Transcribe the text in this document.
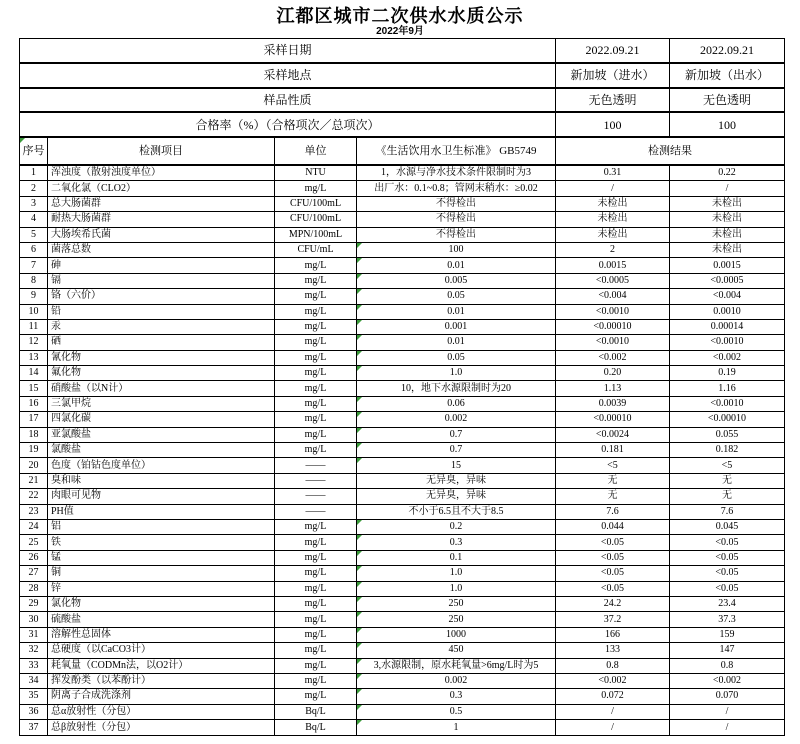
江都区城市二次供水水质公示
2022年9月
采样日期	2022.09.21	2022.09.21
采样地点	新加坡（进水）	新加坡（出水）
样品性质	无色透明	无色透明
合格率（%）（合格项次／总项次）	100	100
序号	检测项目	单位	《生活饮用水卫生标准》 GB5749	检测结果
1	浑浊度（散射浊度单位）	NTU	1，水源与净水技术条件限制时为3	0.31	0.22
2	二氧化氯（CLO2）	mg/L	出厂水：0.1~0.8；管网末稍水：≥0.02	/	/
3	总大肠菌群	CFU/100mL	不得检出	未检出	未检出
4	耐热大肠菌群	CFU/100mL	不得检出	未检出	未检出
5	大肠埃希氏菌	MPN/100mL	不得检出	未检出	未检出
6	菌落总数	CFU/mL	100	2	未检出
7	砷	mg/L	0.01	0.0015	0.0015
8	镉	mg/L	0.005	<0.0005	<0.0005
9	铬（六价）	mg/L	0.05	<0.004	<0.004
10	铅	mg/L	0.01	<0.0010	0.0010
11	汞	mg/L	0.001	<0.00010	0.00014
12	硒	mg/L	0.01	<0.0010	<0.0010
13	氰化物	mg/L	0.05	<0.002	<0.002
14	氟化物	mg/L	1.0	0.20	0.19
15	硝酸盐（以N计）	mg/L	10，地下水源限制时为20	1.13	1.16
16	三氯甲烷	mg/L	0.06	0.0039	<0.0010
17	四氯化碳	mg/L	0.002	<0.00010	<0.00010
18	亚氯酸盐	mg/L	0.7	<0.0024	0.055
19	氯酸盐	mg/L	0.7	0.181	0.182
20	色度（铂钴色度单位）	——	15	<5	<5
21	臭和味	——	无异臭，异味	无	无
22	肉眼可见物	——	无异臭，异味	无	无
23	PH值	——	不小于6.5且不大于8.5	7.6	7.6
24	铝	mg/L	0.2	0.044	0.045
25	铁	mg/L	0.3	<0.05	<0.05
26	锰	mg/L	0.1	<0.05	<0.05
27	铜	mg/L	1.0	<0.05	<0.05
28	锌	mg/L	1.0	<0.05	<0.05
29	氯化物	mg/L	250	24.2	23.4
30	硫酸盐	mg/L	250	37.2	37.3
31	溶解性总固体	mg/L	1000	166	159
32	总硬度（以CaCO3计）	mg/L	450	133	147
33	耗氧量（CODMn法，以O2计）	mg/L	3,水源限制，原水耗氧量>6mg/L时为5	0.8	0.8
34	挥发酚类（以苯酚计）	mg/L	0.002	<0.002	<0.002
35	阴离子合成洗涤剂	mg/L	0.3	0.072	0.070
36	总α放射性（分包）	Bq/L	0.5	/	/
37	总β放射性（分包）	Bq/L	1	/	/
